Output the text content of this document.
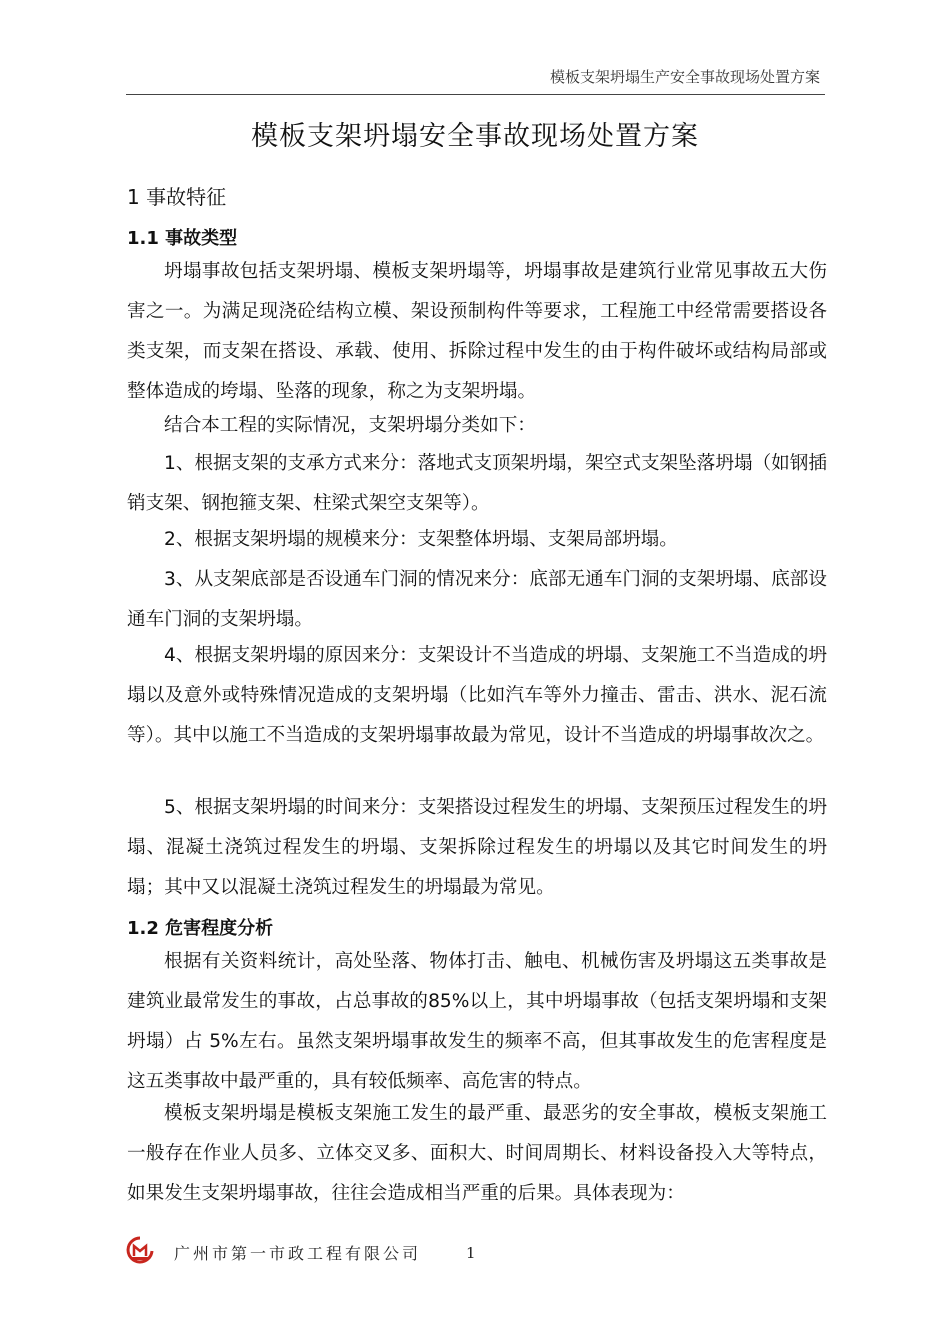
模板支架坍塌生产安全事故现场处置方案
模板支架坍塌安全事故现场处置方案
1 事故特征
1.1 事故类型

坍塌事故包括支架坍塌、模板支架坍塌等，坍塌事故是建筑行业常见事故五大伤害之一。为满足现浇砼结构立模、架设预制构件等要求，工程施工中经常需要搭设各类支架，而支架在搭设、承载、使用、拆除过程中发生的由于构件破坏或结构局部或整体造成的垮塌、坠落的现象，称之为支架坍塌。

结合本工程的实际情况，支架坍塌分类如下：

1、根据支架的支承方式来分：落地式支顶架坍塌，架空式支架坠落坍塌（如钢插销支架、钢抱箍支架、柱梁式架空支架等）。

2、根据支架坍塌的规模来分：支架整体坍塌、支架局部坍塌。

3、从支架底部是否设通车门洞的情况来分：底部无通车门洞的支架坍塌、底部设通车门洞的支架坍塌。

4、根据支架坍塌的原因来分：支架设计不当造成的坍塌、支架施工不当造成的坍塌以及意外或特殊情况造成的支架坍塌（比如汽车等外力撞击、雷击、洪水、泥石流等）。其中以施工不当造成的支架坍塌事故最为常见，设计不当造成的坍塌事故次之。

5、根据支架坍塌的时间来分：支架搭设过程发生的坍塌、支架预压过程发生的坍塌、混凝土浇筑过程发生的坍塌、支架拆除过程发生的坍塌以及其它时间发生的坍塌；其中又以混凝土浇筑过程发生的坍塌最为常见。

1.2 危害程度分析

根据有关资料统计，高处坠落、物体打击、触电、机械伤害及坍塌这五类事故是建筑业最常发生的事故，占总事故的85%以上，其中坍塌事故（包括支架坍塌和支架坍塌）占 5%左右。虽然支架坍塌事故发生的频率不高，但其事故发生的危害程度是这五类事故中最严重的，具有较低频率、高危害的特点。

模板支架坍塌是模板支架施工发生的最严重、最恶劣的安全事故，模板支架施工一般存在作业人员多、立体交叉多、面积大、时间周期长、材料设备投入大等特点，如果发生支架坍塌事故，往往会造成相当严重的后果。具体表现为：

广州市第一市政工程有限公司	1
